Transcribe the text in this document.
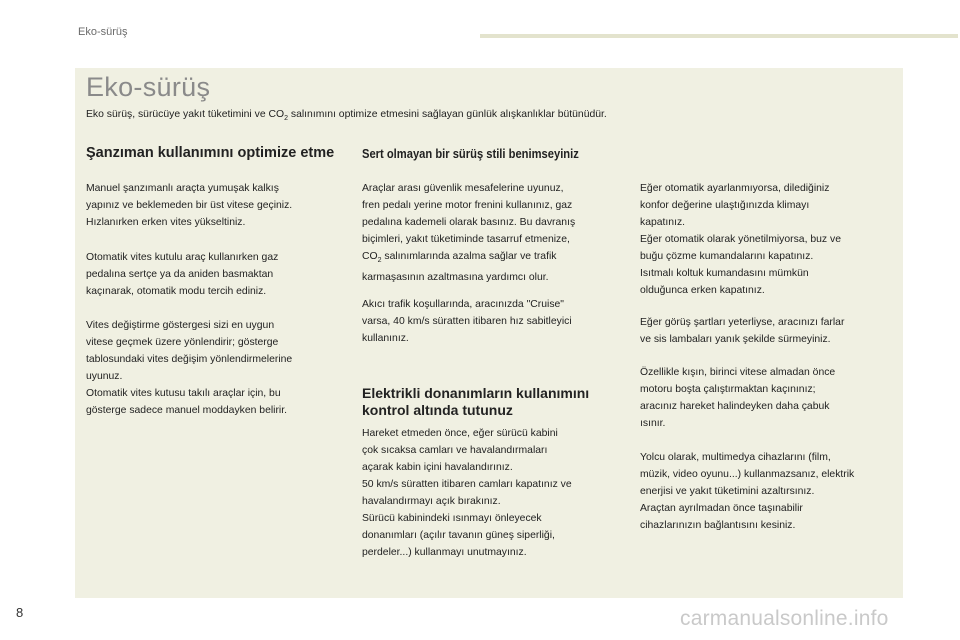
Eko-sürüş
Eko-sürüş

Eko sürüş, sürücüye yakıt tüketimini ve $CO_2$ salınımını optimize etmesini sağlayan günlük alışkanlıklar bütünüdür.

Şanzıman kullanımını optimize etme

Manuel şanzımanlı araçta yumuşak kalkış
yapınız ve beklemeden bir üst vitese geçiniz.
Hızlanırken erken vites yükseltiniz.

Otomatik vites kutulu araç kullanırken gaz
pedalına sertçe ya da aniden basmaktan
kaçınarak, otomatik modu tercih ediniz.

Vites değiştirme göstergesi sizi en uygun
vitese geçmek üzere yönlendirir; gösterge
tablosundaki vites değişim yönlendirmelerine
uyunuz.
Otomatik vites kutusu takılı araçlar için, bu
gösterge sadece manuel moddayken belirir.

Sert olmayan bir sürüş stili benimseyiniz

Araçlar arası güvenlik mesafelerine uyunuz,
fren pedalı yerine motor frenini kullanınız, gaz
pedalına kademeli olarak basınız. Bu davranış
biçimleri, yakıt tüketiminde tasarruf etmenize,
$CO_2$ salınımlarında azalma sağlar ve trafik
karmaşasının azaltmasına yardımcı olur.

Akıcı trafik koşullarında, aracınızda "Cruise"
varsa, 40 km/s süratten itibaren hız sabitleyici
kullanınız.

Elektrikli donanımların kullanımını kontrol altında tutunuz

Hareket etmeden önce, eğer sürücü kabini
çok sıcaksa camları ve havalandırmaları
açarak kabin içini havalandırınız.
50 km/s süratten itibaren camları kapatınız ve
havalandırmayı açık bırakınız.
Sürücü kabinindeki ısınmayı önleyecek
donanımları (açılır tavanın güneş siperliği,
perdeler...) kullanmayı unutmayınız.

Eğer otomatik ayarlanmıyorsa, dilediğiniz
konfor değerine ulaştığınızda klimayı
kapatınız.
Eğer otomatik olarak yönetilmiyorsa, buz ve
buğu çözme kumandalarını kapatınız.
Isıtmalı koltuk kumandasını mümkün
olduğunca erken kapatınız.

Eğer görüş şartları yeterliyse, aracınızı farlar
ve sis lambaları yanık şekilde sürmeyiniz.

Özellikle kışın, birinci vitese almadan önce
motoru boşta çalıştırmaktan kaçınınız;
aracınız hareket halindeyken daha çabuk
ısınır.

Yolcu olarak, multimedya cihazlarını (film,
müzik, video oyunu...) kullanmazsanız, elektrik
enerjisi ve yakıt tüketimini azaltırsınız.
Araçtan ayrılmadan önce taşınabilir
cihazlarınızın bağlantısını kesiniz.

8	carmanualsonline.info
